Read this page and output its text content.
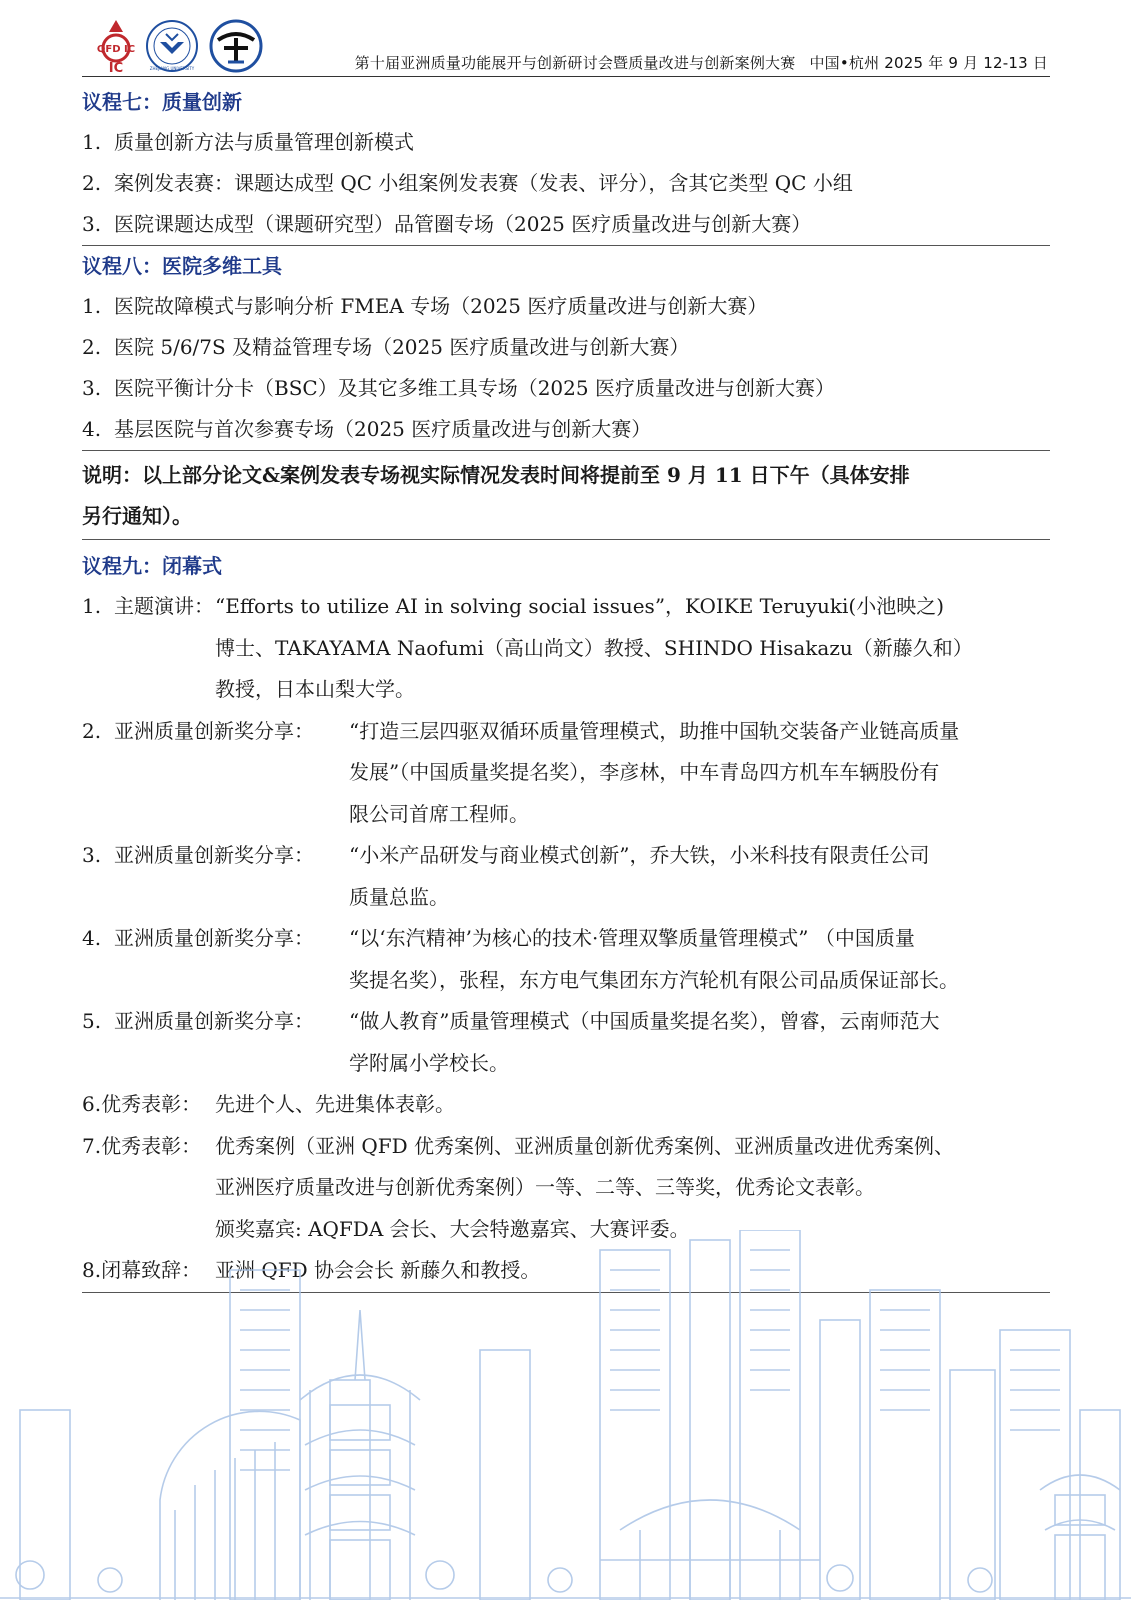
QFD IC
IC	ZHEJIANG UNIVERSITY	第十届亚洲质量功能展开与创新研讨会暨质量改进与创新案例大赛 中国•杭州 2025 年 9 月 12-13 日
议程七：质量创新
1. 质量创新方法与质量管理创新模式
2. 案例发表赛：课题达成型 QC 小组案例发表赛（发表、评分），含其它类型 QC 小组
3. 医院课题达成型（课题研究型）品管圈专场（2025 医疗质量改进与创新大赛）
议程八：医院多维工具
1. 医院故障模式与影响分析 FMEA 专场（2025 医疗质量改进与创新大赛）
2. 医院 5/6/7S 及精益管理专场（2025 医疗质量改进与创新大赛）
3. 医院平衡计分卡（BSC）及其它多维工具专场（2025 医疗质量改进与创新大赛）
4. 基层医院与首次参赛专场（2025 医疗质量改进与创新大赛）
说明：以上部分论文&案例发表专场视实际情况发表时间将提前至 9 月 11 日下午（具体安排
另行通知）。
议程九：闭幕式
1. 主题演讲： “Efforts to utilize AI in solving social issues”，KOIKE Teruyuki(小池映之)
博士、TAKAYAMA Naofumi（高山尚文）教授、SHINDO Hisakazu（新藤久和）
教授，日本山梨大学。
2. 亚洲质量创新奖分享：	“打造三层四驱双循环质量管理模式，助推中国轨交装备产业链高质量
发展”（中国质量奖提名奖），李彦林，中车青岛四方机车车辆股份有
限公司首席工程师。
3. 亚洲质量创新奖分享：	“小米产品研发与商业模式创新”，乔大铁，小米科技有限责任公司
质量总监。
4. 亚洲质量创新奖分享：	“以‘东汽精神’为核心的技术·管理双擎质量管理模式” （中国质量
奖提名奖），张程，东方电气集团东方汽轮机有限公司品质保证部长。
5. 亚洲质量创新奖分享：	“做人教育”质量管理模式（中国质量奖提名奖），曾睿，云南师范大
学附属小学校长。
6.优秀表彰： 先进个人、先进集体表彰。
7.优秀表彰： 优秀案例（亚洲 QFD 优秀案例、亚洲质量创新优秀案例、亚洲质量改进优秀案例、
亚洲医疗质量改进与创新优秀案例）一等、二等、三等奖，优秀论文表彰。
颁奖嘉宾: AQFDA 会长、大会特邀嘉宾、大赛评委。
8.闭幕致辞： 亚洲 QFD 协会会长 新藤久和教授。
